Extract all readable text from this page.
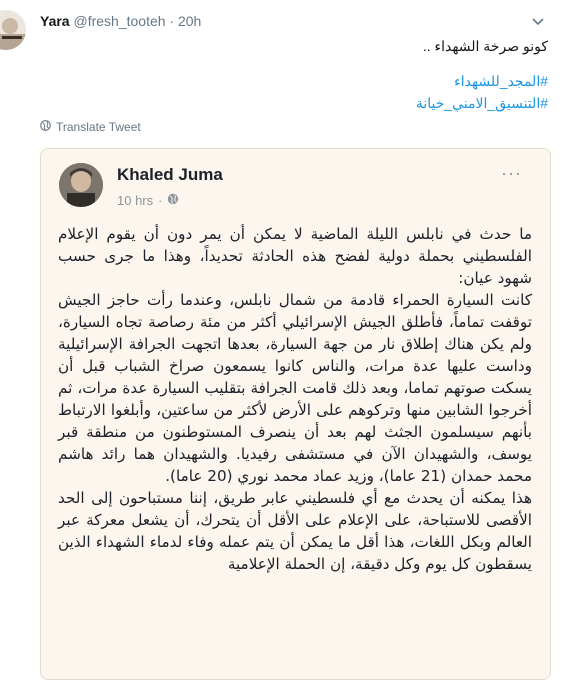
Yara @fresh_tooteh · 20h
كونو صرخة الشهداء ..
#المجد_للشهداء
#التنسيق_الامني_خيانة
Translate Tweet
Khaled Juma
10 hrs ·
···

ما حدث في نابلس الليلة الماضية لا يمكن أن يمر دون أن يقوم الإعلام الفلسطيني بحملة دولية لفضح هذه الحادثة تحديداً، وهذا ما جرى حسب شهود عيان:

كانت السيارة الحمراء قادمة من شمال نابلس، وعندما رأت حاجز الجيش توقفت تماماً، فأطلق الجيش الإسرائيلي أكثر من مئة رصاصة تجاه السيارة، ولم يكن هناك إطلاق نار من جهة السيارة، بعدها اتجهت الجرافة الإسرائيلية وداست عليها عدة مرات، والناس كانوا يسمعون صراخ الشباب قبل أن يسكت صوتهم تماما، وبعد ذلك قامت الجرافة بتقليب السيارة عدة مرات، ثم أخرجوا الشابين منها وتركوهم على الأرض لأكثر من ساعتين، وأبلغوا الارتباط بأنهم سيسلمون الجثث لهم بعد أن ينصرف المستوطنون من منطقة قبر يوسف، والشهيدان الآن في مستشفى رفيديا. والشهيدان هما رائد هاشم محمد حمدان (21 عاما)، وزيد عماد محمد نوري (20 عاما).

هذا يمكنه أن يحدث مع أي فلسطيني عابر طريق، إننا مستباحون إلى الحد الأقصى للاستباحة، على الإعلام على الأقل أن يتحرك، أن يشعل معركة عبر العالم وبكل اللغات، هذا أقل ما يمكن أن يتم عمله وفاء لدماء الشهداء الذين يسقطون كل يوم وكل دقيقة، إن الحملة الإعلامية
